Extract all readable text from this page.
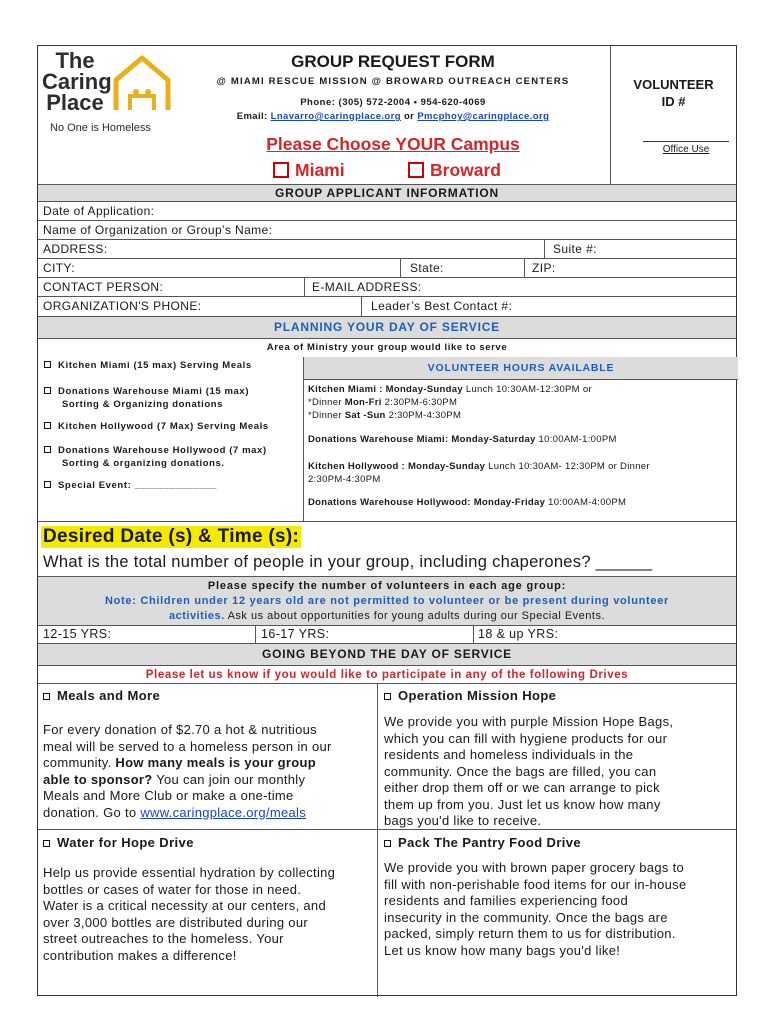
The
Caring
Place
No One is Homeless
GROUP REQUEST FORM
@ MIAMI RESCUE MISSION @ BROWARD OUTREACH CENTERS
Phone: (305) 572-2004 • 954-620-4069
Email: Lnavarro@caringplace.org or Pmcphoy@caringplace.org
Please Choose YOUR Campus
Miami	Broward
VOLUNTEER
ID #
Office Use
GROUP APPLICANT INFORMATION
Date of Application:
Name of Organization or Group’s Name:
ADDRESS:	Suite #:
CITY:	State:	ZIP:
CONTACT PERSON:	E-MAIL ADDRESS:
ORGANIZATION'S PHONE:	Leader’s Best Contact #:
PLANNING YOUR DAY OF SERVICE
Area of Ministry your group would like to serve
Kitchen Miami (15 max) Serving Meals
Donations Warehouse Miami (15 max)
Sorting & Organizing donations
Kitchen Hollywood (7 Max) Serving Meals
Donations Warehouse Hollywood (7 max)
Sorting & organizing donations.
Special Event: ______________
VOLUNTEER HOURS AVAILABLE
Kitchen Miami : Monday-Sunday Lunch 10:30AM-12:30PM or
*Dinner Mon-Fri 2:30PM-6:30PM
*Dinner Sat -Sun 2:30PM-4:30PM
Donations Warehouse Miami: Monday-Saturday 10:00AM-1:00PM
Kitchen Hollywood : Monday-Sunday Lunch 10:30AM- 12:30PM or Dinner
2:30PM-4:30PM
Donations Warehouse Hollywood: Monday-Friday 10:00AM-4:00PM
Desired Date (s) & Time (s):
What is the total number of people in your group, including chaperones? ______
Please specify the number of volunteers in each age group:
Note: Children under 12 years old are not permitted to volunteer or be present during volunteer
activities. Ask us about opportunities for young adults during our Special Events.
12-15 YRS:	16-17 YRS:	18 & up YRS:
GOING BEYOND THE DAY OF SERVICE
Please let us know if you would like to participate in any of the following Drives
Meals and More
For every donation of $2.70 a hot & nutritious
meal will be served to a homeless person in our
community. How many meals is your group
able to sponsor? You can join our monthly
Meals and More Club or make a one-time
donation. Go to www.caringplace.org/meals
Operation Mission Hope
We provide you with purple Mission Hope Bags,
which you can fill with hygiene products for our
residents and homeless individuals in the
community. Once the bags are filled, you can
either drop them off or we can arrange to pick
them up from you. Just let us know how many
bags you'd like to receive.
Water for Hope Drive
Help us provide essential hydration by collecting
bottles or cases of water for those in need.
Water is a critical necessity at our centers, and
over 3,000 bottles are distributed during our
street outreaches to the homeless. Your
contribution makes a difference!
Pack The Pantry Food Drive
We provide you with brown paper grocery bags to
fill with non-perishable food items for our in-house
residents and families experiencing food
insecurity in the community. Once the bags are
packed, simply return them to us for distribution.
Let us know how many bags you'd like!
